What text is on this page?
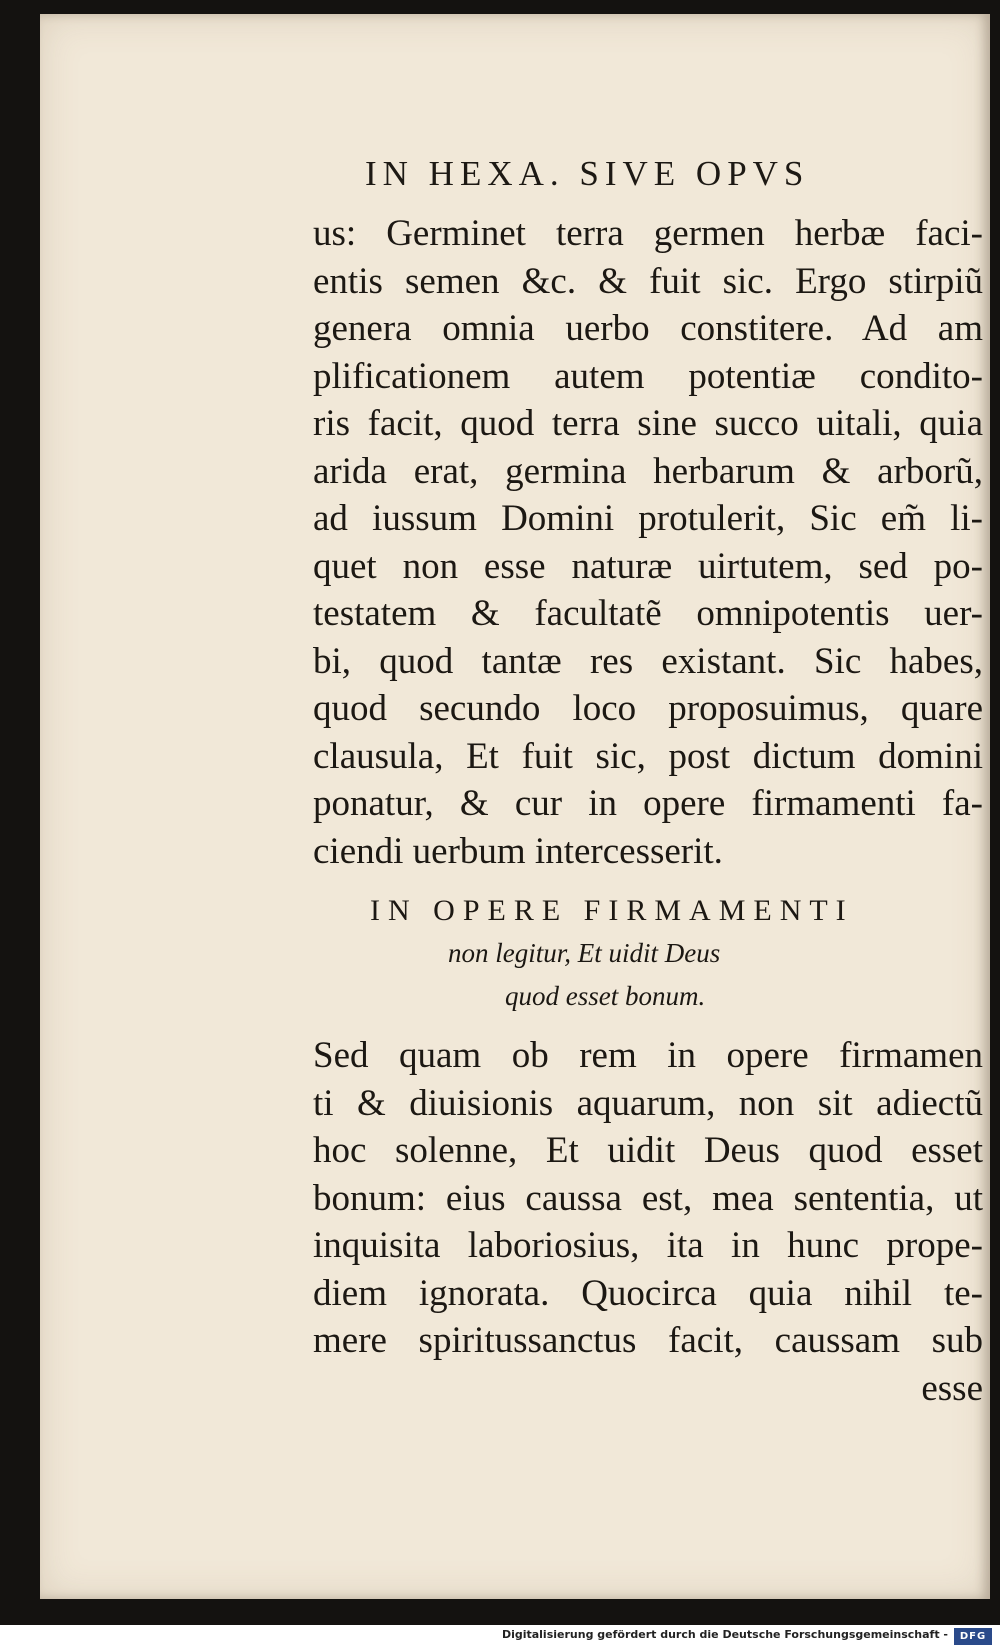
IN HEXA. SIVE OPVS
us: Germinet terra germen herbæ faci-
entis semen &c. & fuit sic. Ergo stirpiũ
genera omnia uerbo constitere. Ad am
plificationem autem potentiæ condito-
ris facit, quod terra sine succo uitali, quia
arida erat, germina herbarum & arborũ,
ad iussum Domini protulerit, Sic em̃ li-
quet non esse naturæ uirtutem, sed po-
testatem & facultatẽ omnipotentis uer-
bi, quod tantæ res existant. Sic habes,
quod secundo loco proposuimus, quare
clausula, Et fuit sic, post dictum domini
ponatur, & cur in opere firmamenti fa-
ciendi uerbum intercesserit.
IN OPERE FIRMAMENTI
non legitur, Et uidit Deus
quod esset bonum.
Sed quam ob rem in opere firmamen
ti & diuisionis aquarum, non sit adiectũ
hoc solenne, Et uidit Deus quod esset
bonum: eius caussa est, mea sententia, ut
inquisita laboriosius, ita in hunc prope-
diem ignorata. Quocirca quia nihil te-
mere spiritussanctus facit, caussam sub
esse
Digitalisierung gefördert durch die Deutsche Forschungsgemeinschaft -	DFG
